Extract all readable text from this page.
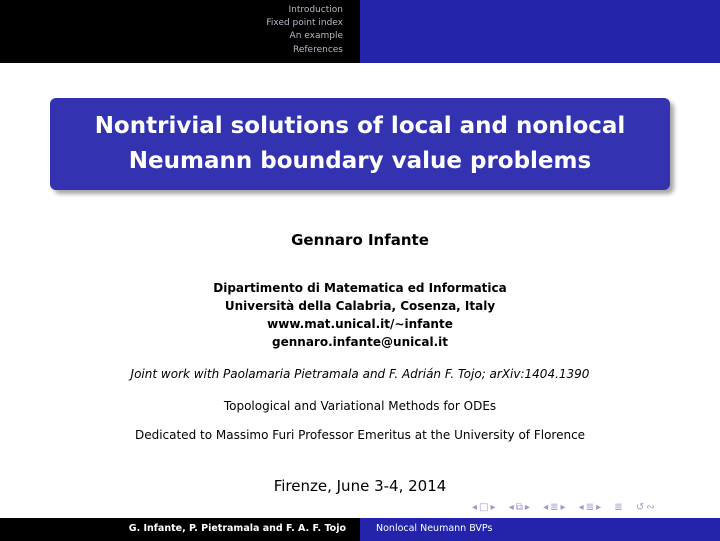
Introduction
Fixed point index
An example
References
Nontrivial solutions of local and nonlocal Neumann boundary value problems
Gennaro Infante
Dipartimento di Matematica ed Informatica
Università della Calabria, Cosenza, Italy
www.mat.unical.it/∼infante
gennaro.infante@unical.it
Joint work with Paolamaria Pietramala and F. Adrián F. Tojo; arXiv:1404.1390
Topological and Variational Methods for ODEs
Dedicated to Massimo Furi Professor Emeritus at the University of Florence
Firenze, June 3-4, 2014
◂□▸ ◂⧉▸ ◂≣▸ ◂≣▸ ≣ ↺∾
G. Infante, P. Pietramala and F. A. F. Tojo	Nonlocal Neumann BVPs
